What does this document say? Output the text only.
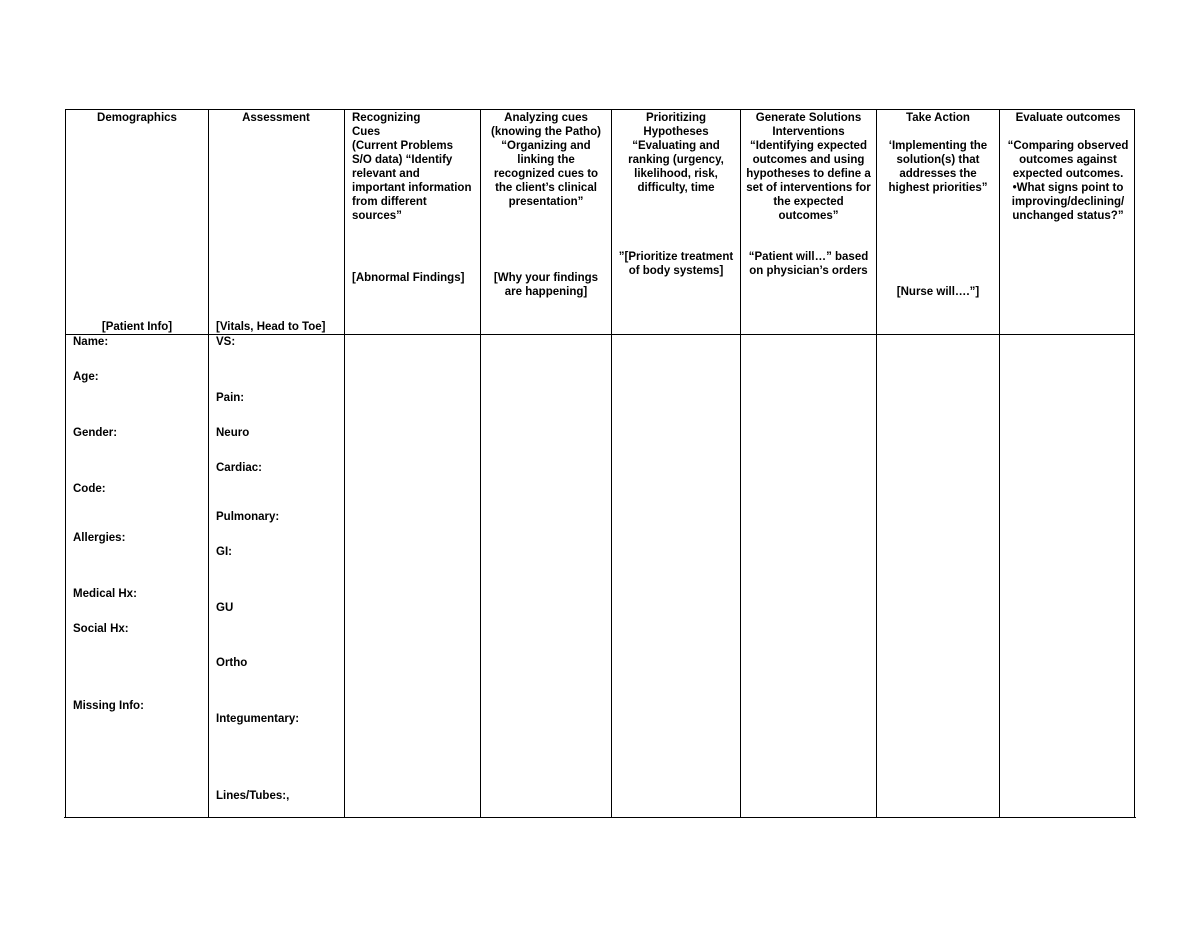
Demographics
[Patient Info]
Assessment
[Vitals, Head to Toe]
Recognizing
Cues
(Current Problems S/O data) “Identify relevant and important information from different sources”
[Abnormal Findings]
Analyzing cues (knowing the Patho)
“Organizing and linking the recognized cues to the client’s clinical presentation”
[Why your findings are happening]
Prioritizing Hypotheses
“Evaluating and ranking (urgency, likelihood, risk, difficulty, time
”[Prioritize treatment of body systems]
Generate Solutions Interventions
“Identifying expected outcomes and using hypotheses to define a set of interventions for the expected outcomes”
“Patient will…” based on physician’s orders
Take Action
‘Implementing the solution(s) that addresses the highest priorities”
[Nurse will….”]
Evaluate outcomes
“Comparing observed outcomes against expected outcomes. •What signs point to improving/declining/ unchanged status?”
Name:
Age:
Gender:
Code:
Allergies:
Medical Hx:
Social Hx:
Missing Info:
VS:
Pain:
Neuro
Cardiac:
Pulmonary:
GI:
GU
Ortho
Integumentary:
Lines/Tubes:,
